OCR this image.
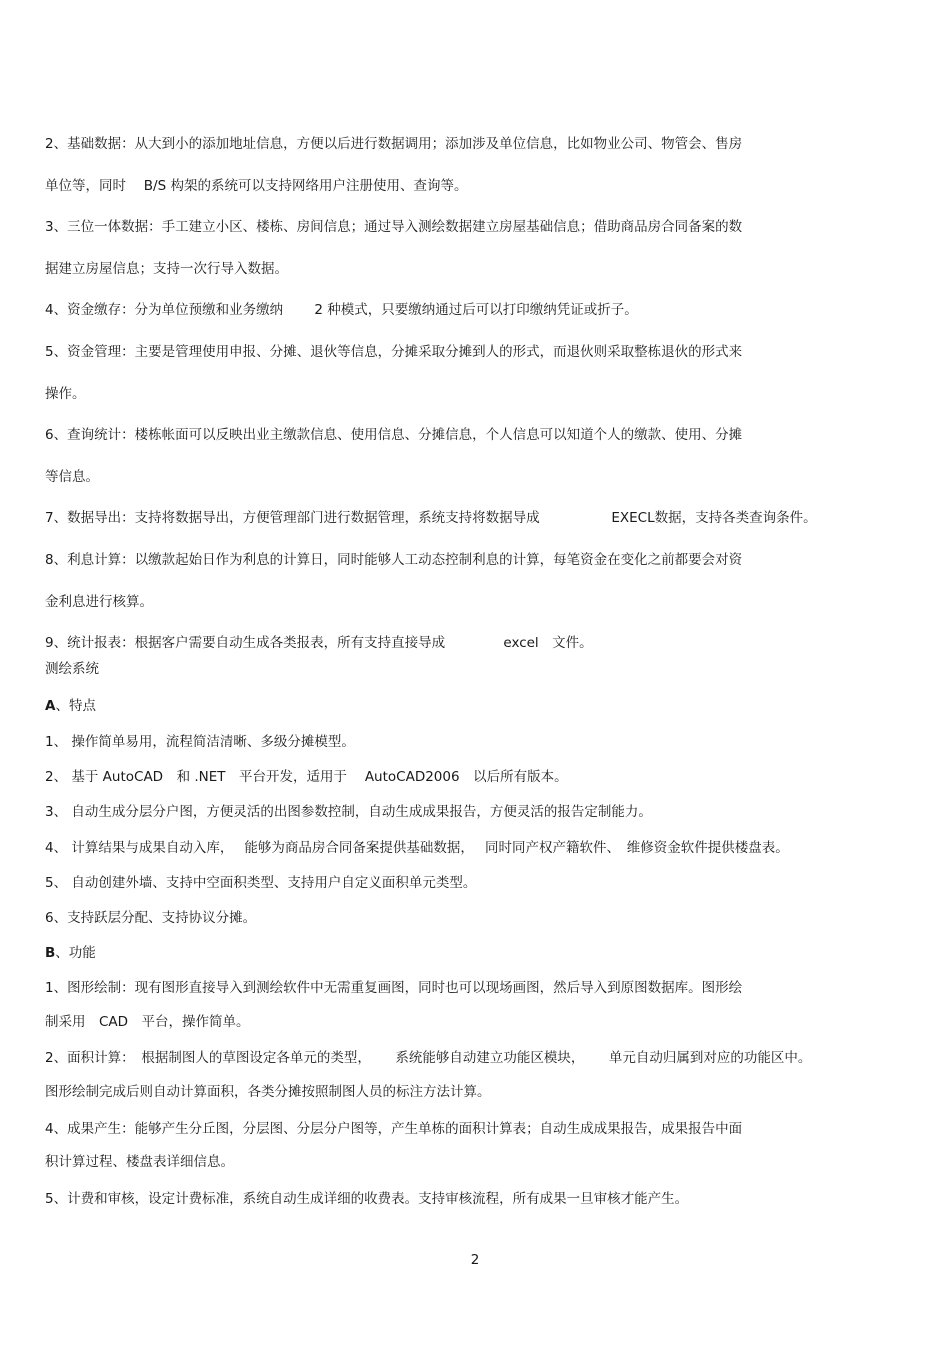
2、基础数据：从大到小的添加地址信息，方便以后进行数据调用；添加涉及单位信息，比如物业公司、物管会、售房
单位等，同时　 B/S 构架的系统可以支持网络用户注册使用、查询等。
3、三位一体数据：手工建立小区、楼栋、房间信息；通过导入测绘数据建立房屋基础信息；借助商品房合同备案的数
据建立房屋信息；支持一次行导入数据。
4、资金缴存：分为单位预缴和业务缴纳　　 2 种模式，只要缴纳通过后可以打印缴纳凭证或折子。
5、资金管理：主要是管理使用申报、分摊、退伙等信息，分摊采取分摊到人的形式，而退伙则采取整栋退伙的形式来
操作。
6、查询统计：楼栋帐面可以反映出业主缴款信息、使用信息、分摊信息，个人信息可以知道个人的缴款、使用、分摊
等信息。
7、数据导出：支持将数据导出，方便管理部门进行数据管理，系统支持将数据导成　　　　　 EXECL数据，支持各类查询条件。
8、利息计算：以缴款起始日作为利息的计算日，同时能够人工动态控制利息的计算，每笔资金在变化之前都要会对资
金利息进行核算。
9、统计报表：根据客户需要自动生成各类报表，所有支持直接导成　　　　 excel　文件。
测绘系统
A、特点
1、 操作简单易用，流程简洁清晰、多级分摊模型。
2、 基于 AutoCAD　和 .NET　平台开发，适用于　 AutoCAD2006　以后所有版本。
3、 自动生成分层分户图，方便灵活的出图参数控制，自动生成成果报告，方便灵活的报告定制能力。
4、 计算结果与成果自动入库，　 能够为商品房合同备案提供基础数据，　 同时同产权产籍软件、　维修资金软件提供楼盘表。
5、 自动创建外墙、支持中空面积类型、支持用户自定义面积单元类型。
6、支持跃层分配、支持协议分摊。
B、功能
1、图形绘制：现有图形直接导入到测绘软件中无需重复画图，同时也可以现场画图，然后导入到原图数据库。图形绘
制采用　CAD　平台，操作简单。
2、面积计算：　根据制图人的草图设定各单元的类型，　　 系统能够自动建立功能区模块，　　 单元自动归属到对应的功能区中。
图形绘制完成后则自动计算面积，各类分摊按照制图人员的标注方法计算。
4、成果产生：能够产生分丘图，分层图、分层分户图等，产生单栋的面积计算表；自动生成成果报告，成果报告中面
积计算过程、楼盘表详细信息。
5、计费和审核，设定计费标准，系统自动生成详细的收费表。支持审核流程，所有成果一旦审核才能产生。
2
